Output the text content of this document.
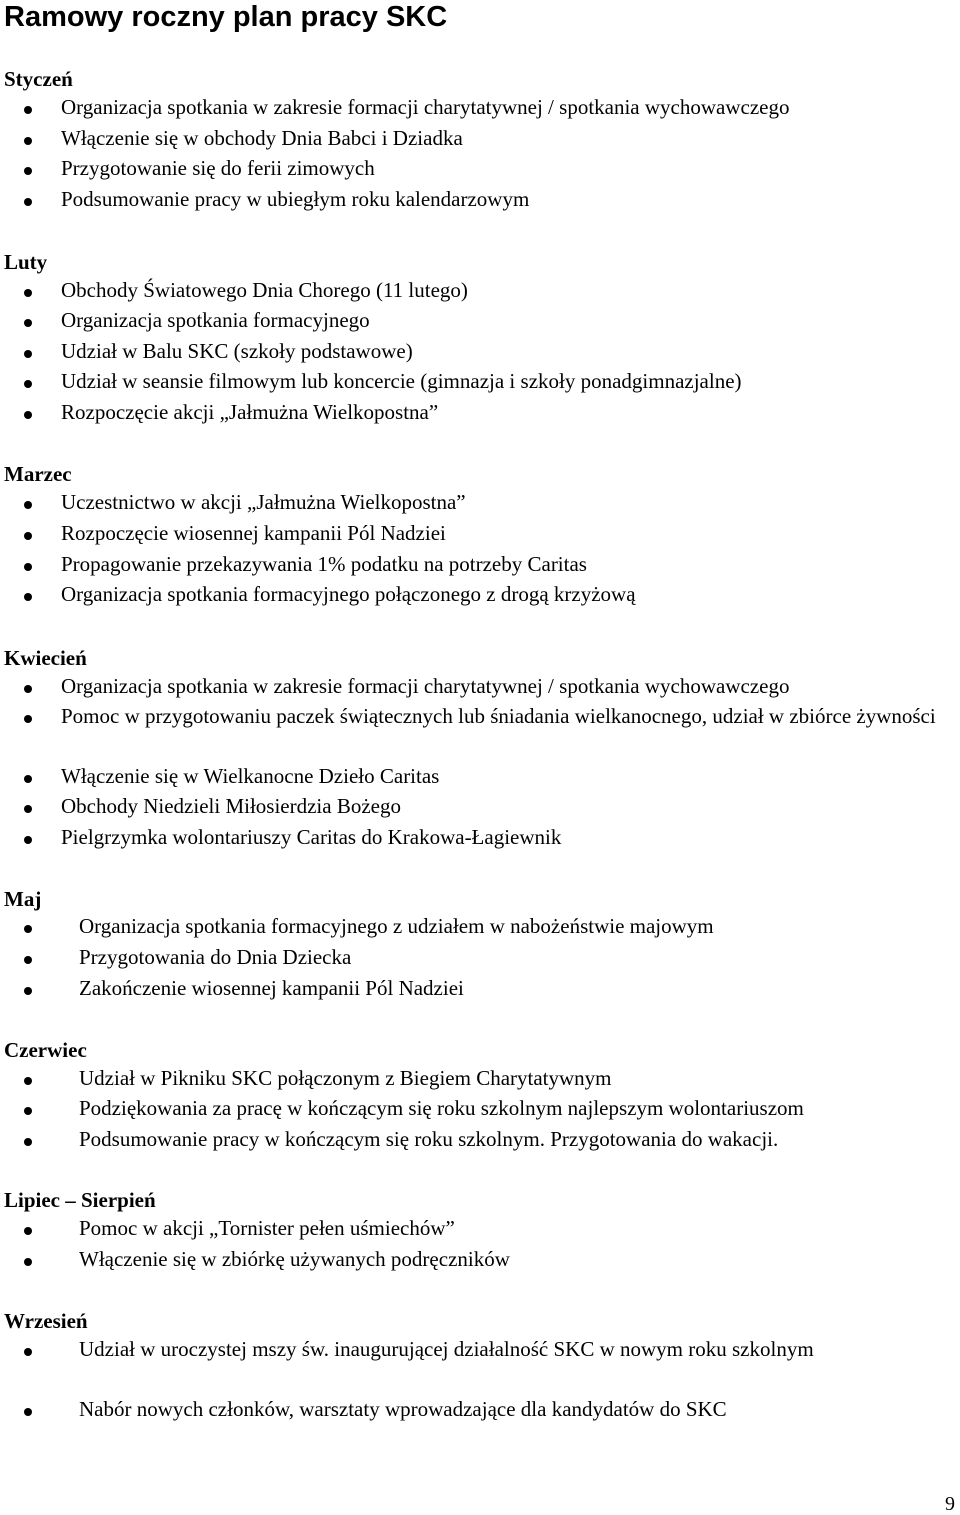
Ramowy roczny plan pracy SKC
Styczeń

Organizacja spotkania w zakresie formacji charytatywnej / spotkania wychowawczego

Włączenie się w obchody Dnia Babci i Dziadka

Przygotowanie się do ferii zimowych

Podsumowanie pracy w ubiegłym roku kalendarzowym

Luty

Obchody Światowego Dnia Chorego (11 lutego)

Organizacja spotkania formacyjnego

Udział w Balu SKC (szkoły podstawowe)

Udział w seansie filmowym lub koncercie (gimnazja i szkoły ponadgimnazjalne)

Rozpoczęcie akcji „Jałmużna Wielkopostna”

Marzec

Uczestnictwo w akcji „Jałmużna Wielkopostna”

Rozpoczęcie wiosennej kampanii Pól Nadziei

Propagowanie przekazywania 1% podatku na potrzeby Caritas

Organizacja spotkania formacyjnego połączonego z drogą krzyżową

Kwiecień

Organizacja spotkania w zakresie formacji charytatywnej / spotkania wychowawczego

Pomoc w przygotowaniu paczek świątecznych lub śniadania wielkanocnego, udział w zbiórce żywności

Włączenie się w Wielkanocne Dzieło Caritas

Obchody Niedzieli Miłosierdzia Bożego

Pielgrzymka wolontariuszy Caritas do Krakowa-Łagiewnik

Maj

Organizacja spotkania formacyjnego z udziałem w nabożeństwie majowym

Przygotowania do Dnia Dziecka

Zakończenie wiosennej kampanii Pól Nadziei

Czerwiec

Udział w Pikniku SKC połączonym z Biegiem Charytatywnym

Podziękowania za pracę w kończącym się roku szkolnym najlepszym wolontariuszom

Podsumowanie pracy w kończącym się roku szkolnym. Przygotowania do wakacji.

Lipiec – Sierpień

Pomoc w akcji „Tornister pełen uśmiechów”

Włączenie się w zbiórkę używanych podręczników

Wrzesień

Udział w uroczystej mszy św. inaugurującej działalność SKC w nowym roku szkolnym

Nabór nowych członków, warsztaty wprowadzające dla kandydatów do SKC

9
